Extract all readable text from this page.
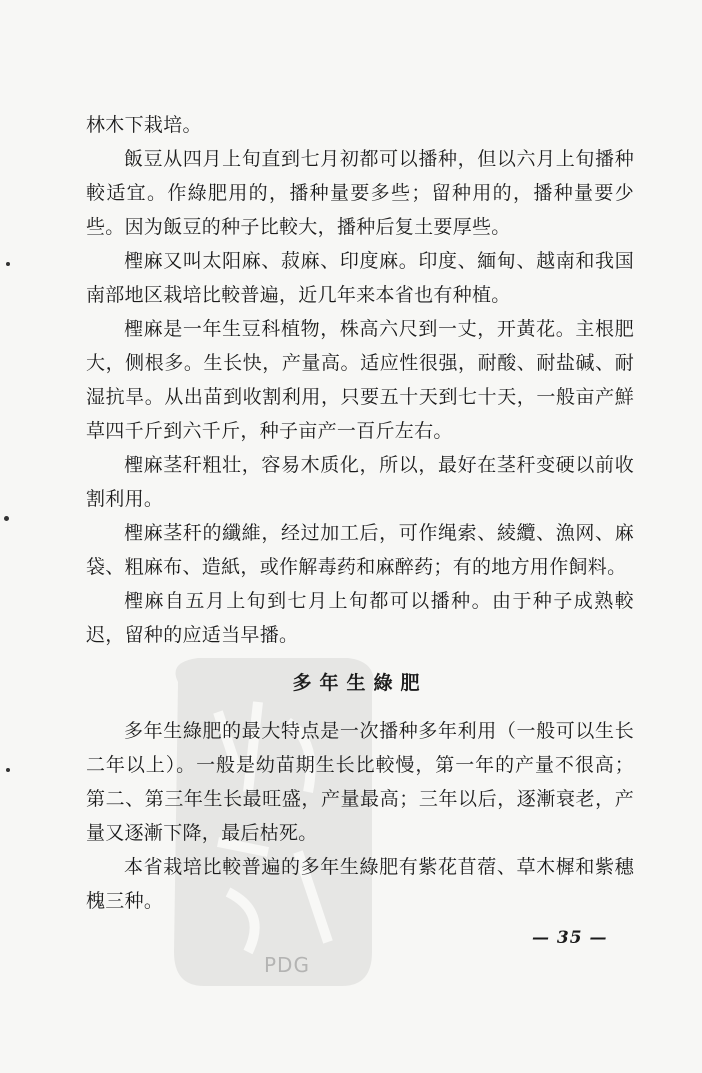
PDG

林木下栽培。

飯豆从四月上旬直到七月初都可以播种，但以六月上旬播种較适宜。作綠肥用的，播种量要多些；留种用的，播种量要少些。因为飯豆的种子比較大，播种后复土要厚些。

檉麻又叫太阳麻、菽麻、印度麻。印度、緬甸、越南和我国南部地区栽培比較普遍，近几年来本省也有种植。

檉麻是一年生豆科植物，株高六尺到一丈，开黃花。主根肥大，侧根多。生长快，产量高。适应性很强，耐酸、耐盐碱、耐湿抗旱。从出苗到收割利用，只要五十天到七十天，一般亩产鮮草四千斤到六千斤，种子亩产一百斤左右。

檉麻茎秆粗壮，容易木质化，所以，最好在茎秆变硬以前收割利用。

檉麻茎秆的纖維，经过加工后，可作绳索、綾纜、漁网、麻袋、粗麻布、造紙，或作解毒药和麻醉药；有的地方用作飼料。

檉麻自五月上旬到七月上旬都可以播种。由于种子成熟較迟，留种的应适当早播。

多年生綠肥

多年生綠肥的最大特点是一次播种多年利用（一般可以生长二年以上）。一般是幼苗期生长比較慢，第一年的产量不很高；第二、第三年生长最旺盛，产量最高；三年以后，逐漸衰老，产量又逐漸下降，最后枯死。

本省栽培比較普遍的多年生綠肥有紫花苜蓿、草木樨和紫穗槐三种。

— 35 —
